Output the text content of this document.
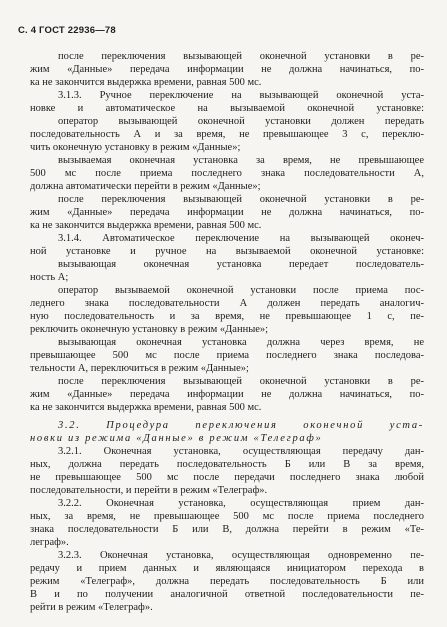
С. 4 ГОСТ 22936—78
после переключения вызывающей оконечной установки в ре-
жим «Данные» передача информации не должна начинаться, по-
ка не закончится выдержка времени, равная 500 мс.
3.1.3. Ручное переключение на вызывающей оконечной уста-
новке и автоматическое на вызываемой оконечной установке:
оператор вызывающей оконечной установки должен передать
последовательность А и за время, не превышающее 3 с, переклю-
чить оконечную установку в режим «Данные»;
вызываемая оконечная установка за время, не превышающее
500 мс после приема последнего знака последовательности А,
должна автоматически перейти в режим «Данные»;
после переключения вызывающей оконечной установки в ре-
жим «Данные» передача информации не должна начинаться, по-
ка не закончится выдержка времени, равная 500 мс.
3.1.4. Автоматическое переключение на вызывающей оконеч-
ной установке и ручное на вызываемой оконечной установке:
вызывающая оконечная установка передает последователь-
ность А;
оператор вызываемой оконечной установки после приема пос-
леднего знака последовательности А должен передать аналогич-
ную последовательность и за время, не превышающее 1 с, пе-
реключить оконечную установку в режим «Данные»;
вызывающая оконечная установка должна через время, не
превышающее 500 мс после приема последнего знака последова-
тельности А, переключиться в режим «Данные»;
после переключения вызывающей оконечной установки в ре-
жим «Данные» передача информации не должна начинаться, по-
ка не закончится выдержка времени, равная 500 мс.
3.2. Процедура переключения оконечной уста-
новки из режима «Данные» в режим «Телеграф»
3.2.1. Оконечная установка, осуществляющая передачу дан-
ных, должна передать последовательность Б или В за время,
не превышающее 500 мс после передачи последнего знака любой
последовательности, и перейти в режим «Телеграф».
3.2.2. Оконечная установка, осуществляющая прием дан-
ных, за время, не превышающее 500 мс после приема последнего
знака последовательности Б или В, должна перейти в режим «Те-
леграф».
3.2.3. Оконечная установка, осуществляющая одновременно пе-
редачу и прием данных и являющаяся инициатором перехода в
режим «Телеграф», должна передать последовательность Б или
В и по получении аналогичной ответной последовательности пе-
рейти в режим «Телеграф».
